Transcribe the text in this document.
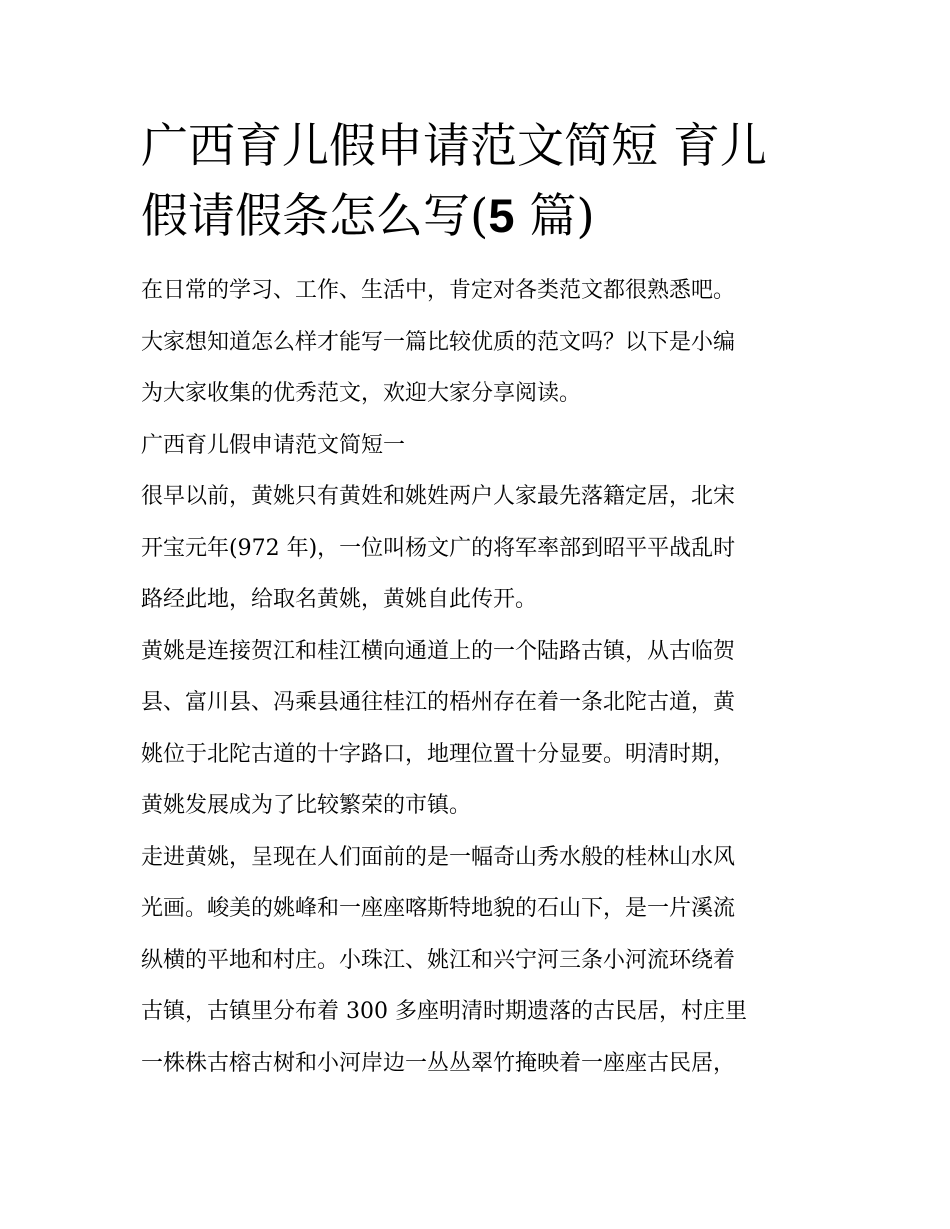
广西育儿假申请范文简短 育儿
假请假条怎么写(5 篇)

在日常的学习、工作、生活中，肯定对各类范文都很熟悉吧。
大家想知道怎么样才能写一篇比较优质的范文吗？以下是小编
为大家收集的优秀范文，欢迎大家分享阅读。

广西育儿假申请范文简短一

很早以前，黄姚只有黄姓和姚姓两户人家最先落籍定居，北宋
开宝元年(972 年)，一位叫杨文广的将军率部到昭平平战乱时
路经此地，给取名黄姚，黄姚自此传开。

黄姚是连接贺江和桂江横向通道上的一个陆路古镇，从古临贺
县、富川县、冯乘县通往桂江的梧州存在着一条北陀古道，黄
姚位于北陀古道的十字路口，地理位置十分显要。明清时期，
黄姚发展成为了比较繁荣的市镇。

走进黄姚，呈现在人们面前的是一幅奇山秀水般的桂林山水风
光画。峻美的姚峰和一座座喀斯特地貌的石山下，是一片溪流
纵横的平地和村庄。小珠江、姚江和兴宁河三条小河流环绕着
古镇，古镇里分布着 300 多座明清时期遗落的古民居，村庄里
一株株古榕古树和小河岸边一丛丛翠竹掩映着一座座古民居，
